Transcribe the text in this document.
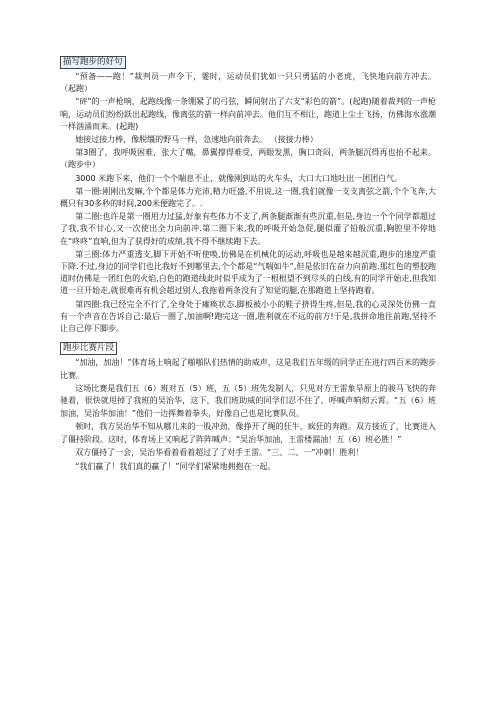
描写跑步的好句

“预备——跑！”裁判员一声令下，霎时，运动员们犹如一只只勇猛的小老虎，飞快地向前方冲去。 （起跑）

“砰”的一声枪响，起跑线像一条绷紧了的弓弦，瞬间射出了六支“彩色的箭”。(起跑)随着裁判的一声枪响，运动员们纷纷跃出起跑线，像离弦的箭一样向前冲去。他们互不相让，跑道上尘土飞扬，仿佛海水涨潮一样汹涌而来。(起跑)

她接过接力棒，像脱缰的野马一样，急速地向前奔去。 （接接力棒）

第3圈了，我呼吸困难，张大了嘴，鼻翼撑得难受，两眼发黑，胸口奇闷，两条腿沉得再也抬不起来。 （跑步中）

3000 米跑下来，他们一个个喘息不止，就像刚到站的火车头，大口大口地吐出一团团白气。

第一圈:刚刚出发嘛,个个都是体力充沛,精力旺盛,不用说,这一圈,我们就像一支支离弦之箭,个个飞奔,大概只有30多秒的时间,200米便跑完了。.

第二圈:也许是第一圈用力过猛,好象有些体力不支了,两条腿渐渐有些沉重,但是,身边一个个同学都超过了我,我不甘心,又一次使出全力向前冲.第二圈下来,我的呼吸开始急促,腿似灌了铅般沉重,胸腔里不停地在“咚咚”直响,但为了获得好的成绩,我不得不继续跑下去。

第三圈:体力严重透支,脚下开始不听使唤,仿佛是在机械化的运动,呼吸也是越来越沉重,跑步的速度严重下降.不过,身边的同学们也比我好不到哪里去,个个都是“气喘如牛”,但是依旧在奋力向前跑.那红色的塑胶跑道时仿佛是一团红色的火焰,白色的跑道线此时似乎成为了一根根望不到尽头的白线,有的同学开始走,但我知道一旦开始走,就很难再有机会超过别人,我拖着两条没有了知觉的腿,在那跑道上坚持跑着。

第四圈:我已经完全不行了,全身处于瘫痪状态.脚板被小小的鞋子挤得生疼,但是,我的心灵深处仿佛一直有一个声音在告诉自己:最后一圈了,加油啊!跑完这一圈,胜利就在不远的前方!于是,我拼命地往前跑,坚持不让自己停下脚步。

跑步比赛片段

“加油，加油！”体育场上响起了啪啪队们热情的助威声，这是我们五年级的同学正在进行四百米的跑步比赛。

这场比赛是我们五（6）班对五（5）班，五（5）班先发制人，只见对方王雷象旱原上的骏马飞快的奔驰着，很快就甩掉了我班的吴治华，这下，我们班助威的同学们忍不住了，呼喊声响彻云霄。“五（6）班加油，吴治华加油！”他们一边挥舞着拳头，好像自己也是比赛队员。

顿时，我方吴治华不知从哪儿来的一股冲劲，像挣开了绳的狂牛，疯狂的奔跑。双方接近了，比赛进入了僵持阶段。这时，体育场上又响起了阵阵喊声：“吴治华加油，王雷楼漏油！五（6）班必胜！”

双方僵持了一会，吴治华看着看着超过了了对手王雷。“三、二、一”冲刺！胜利！

“我们赢了！我们真的赢了！”同学们紧紧地拥抱在一起。
